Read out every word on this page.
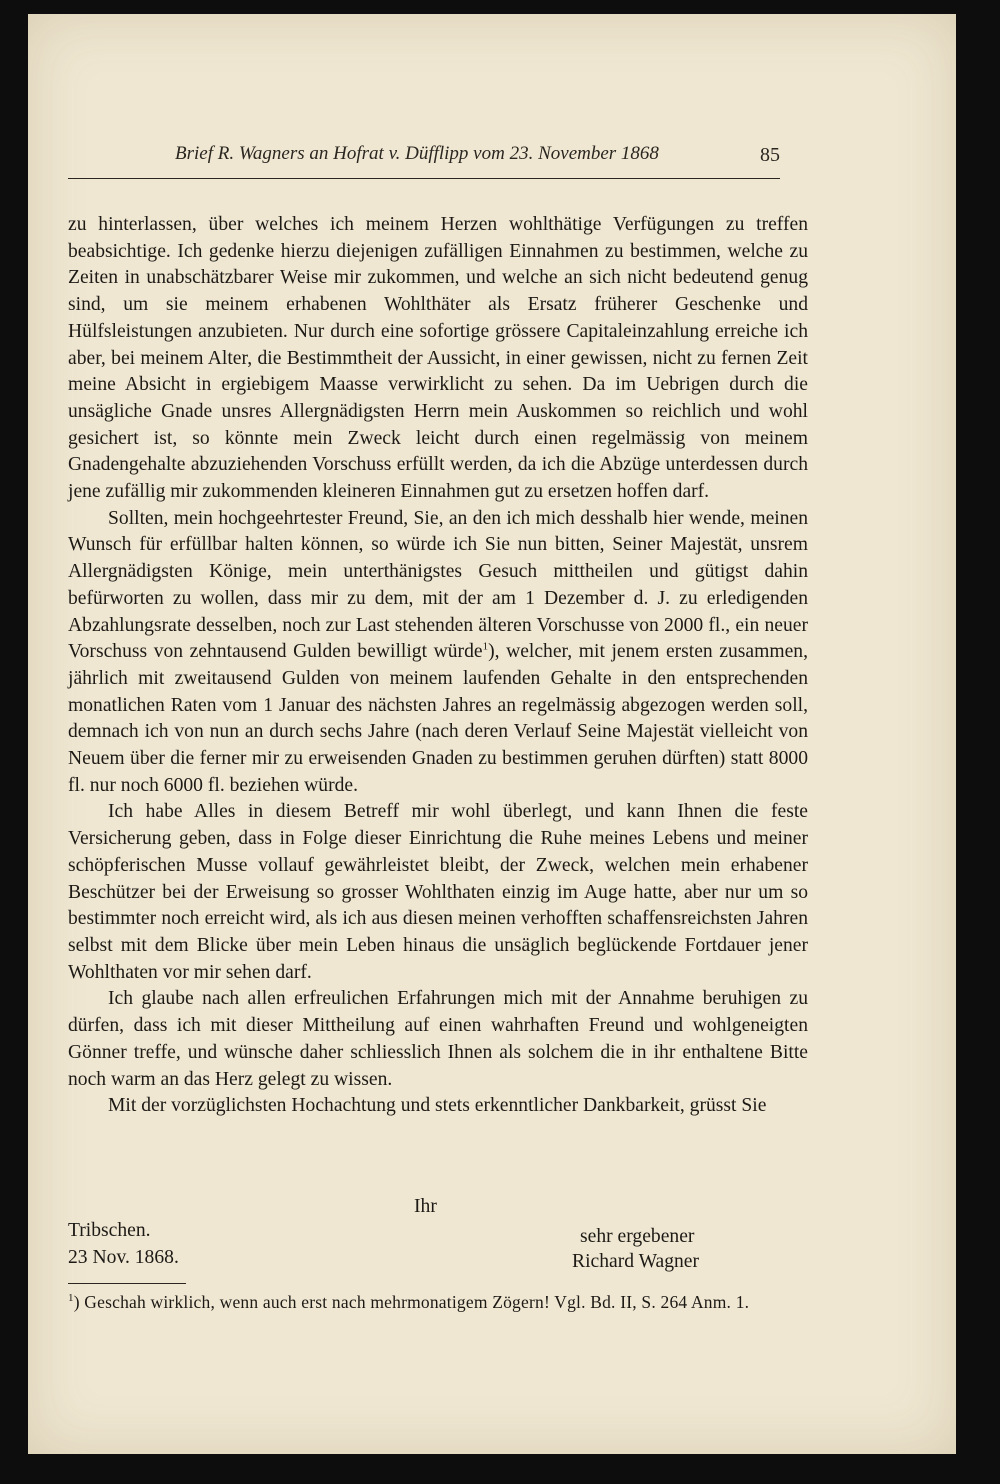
Brief R. Wagners an Hofrat v. Düfflipp vom 23. November 1868	85

zu hinterlassen, über welches ich meinem Herzen wohlthätige Verfügungen zu treffen beabsichtige. Ich gedenke hierzu diejenigen zufälligen Einnahmen zu bestimmen, welche zu Zeiten in unabschätzbarer Weise mir zukommen, und welche an sich nicht bedeutend genug sind, um sie meinem erhabenen Wohlthäter als Ersatz früherer Geschenke und Hülfsleistungen anzubieten. Nur durch eine sofortige grössere Capitaleinzahlung erreiche ich aber, bei meinem Alter, die Bestimmtheit der Aussicht, in einer gewissen, nicht zu fernen Zeit meine Absicht in ergiebigem Maasse verwirklicht zu sehen. Da im Uebrigen durch die unsägliche Gnade unsres Allergnädigsten Herrn mein Auskommen so reichlich und wohl gesichert ist, so könnte mein Zweck leicht durch einen regelmässig von meinem Gnadengehalte abzuziehenden Vorschuss erfüllt werden, da ich die Abzüge unterdessen durch jene zufällig mir zukommenden kleineren Einnahmen gut zu ersetzen hoffen darf.

Sollten, mein hochgeehrtester Freund, Sie, an den ich mich desshalb hier wende, meinen Wunsch für erfüllbar halten können, so würde ich Sie nun bitten, Seiner Majestät, unsrem Allergnädigsten Könige, mein unterthänigstes Gesuch mittheilen und gütigst dahin befürworten zu wollen, dass mir zu dem, mit der am 1 Dezember d. J. zu erledigenden Abzahlungsrate desselben, noch zur Last stehenden älteren Vorschusse von 2000 fl., ein neuer Vorschuss von zehntausend Gulden bewilligt würde$^1$), welcher, mit jenem ersten zusammen, jährlich mit zweitausend Gulden von meinem laufenden Gehalte in den entsprechenden monatlichen Raten vom 1 Januar des nächsten Jahres an regelmässig abgezogen werden soll, demnach ich von nun an durch sechs Jahre (nach deren Verlauf Seine Majestät vielleicht von Neuem über die ferner mir zu erweisenden Gnaden zu bestimmen geruhen dürften) statt 8000 fl. nur noch 6000 fl. beziehen würde.

Ich habe Alles in diesem Betreff mir wohl überlegt, und kann Ihnen die feste Versicherung geben, dass in Folge dieser Einrichtung die Ruhe meines Lebens und meiner schöpferischen Musse vollauf gewährleistet bleibt, der Zweck, welchen mein erhabener Beschützer bei der Erweisung so grosser Wohlthaten einzig im Auge hatte, aber nur um so bestimmter noch erreicht wird, als ich aus diesen meinen verhofften schaffensreichsten Jahren selbst mit dem Blicke über mein Leben hinaus die unsäglich beglückende Fortdauer jener Wohlthaten vor mir sehen darf.

Ich glaube nach allen erfreulichen Erfahrungen mich mit der Annahme beruhigen zu dürfen, dass ich mit dieser Mittheilung auf einen wahrhaften Freund und wohlgeneigten Gönner treffe, und wünsche daher schliesslich Ihnen als solchem die in ihr enthaltene Bitte noch warm an das Herz gelegt zu wissen.

Mit der vorzüglichsten Hochachtung und stets erkenntlicher Dankbarkeit, grüsst Sie

Ihr
Tribschen.
23 Nov. 1868.
sehr ergebener
Richard Wagner
$^1$) Geschah wirklich, wenn auch erst nach mehrmonatigem Zögern! Vgl. Bd. II, S. 264 Anm. 1.
